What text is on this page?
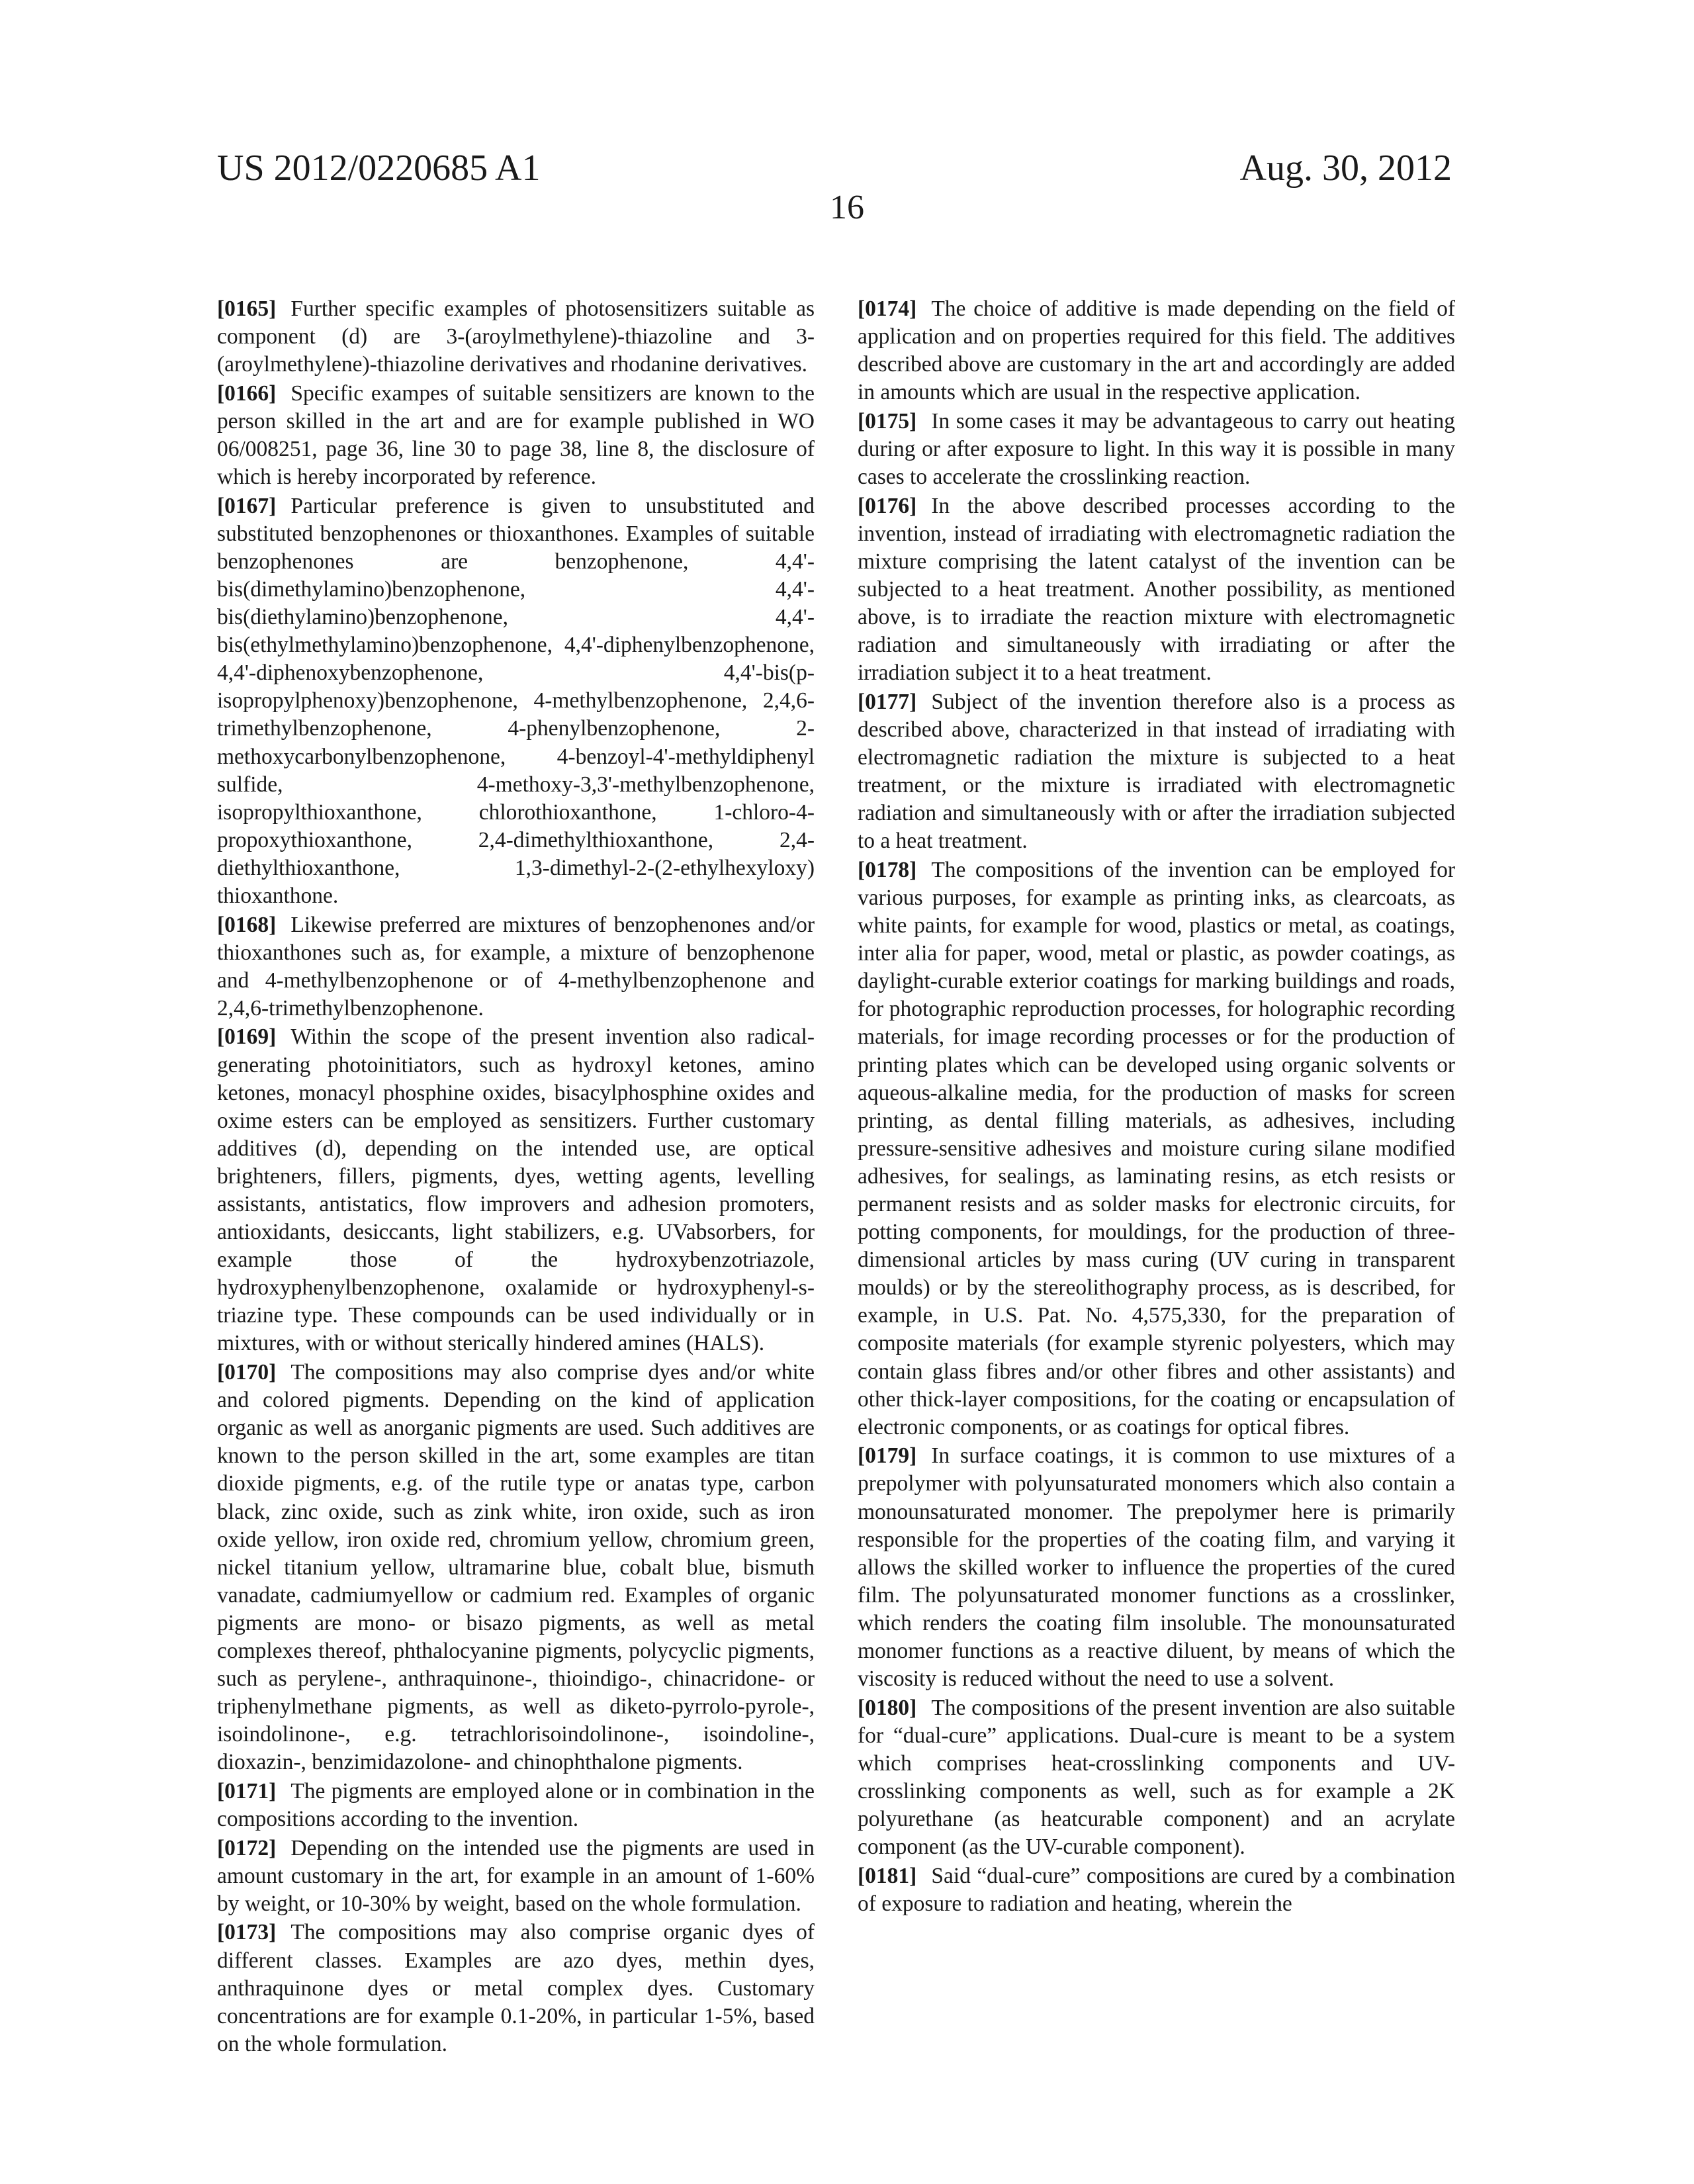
US 2012/0220685 A1	Aug. 30, 2012
16

[0165] Further specific examples of photosensitizers suitable as component (d) are 3-(aroylmethylene)-thiazoline and 3-(aroylmethylene)-thiazoline derivatives and rhodanine derivatives.

[0166] Specific exampes of suitable sensitizers are known to the person skilled in the art and are for example published in WO 06/008251, page 36, line 30 to page 38, line 8, the disclosure of which is hereby incorporated by reference.

[0167] Particular preference is given to unsubstituted and substituted benzophenones or thioxanthones. Examples of suitable benzophenones are benzophenone, 4,4'-bis(dimethylamino)benzophenone, 4,4'-bis(diethylamino)benzophenone, 4,4'-bis(ethylmethylamino)benzophenone, 4,4'-diphenylbenzophenone, 4,4'-diphenoxybenzophenone, 4,4'-bis(p-isopropylphenoxy)benzophenone, 4-methylbenzophenone, 2,4,6-trimethylbenzophenone, 4-phenylbenzophenone, 2-methoxycarbonylbenzophenone, 4-benzoyl-4'-methyldiphenyl sulfide, 4-methoxy-3,3'-methylbenzophenone, isopropylthioxanthone, chlorothioxanthone, 1-chloro-4-propoxythioxanthone, 2,4-dimethylthioxanthone, 2,4-diethylthioxanthone, 1,3-dimethyl-2-(2-ethylhexyloxy) thioxanthone.

[0168] Likewise preferred are mixtures of benzophenones and/or thioxanthones such as, for example, a mixture of benzophenone and 4-methylbenzophenone or of 4-methylbenzophenone and 2,4,6-trimethylbenzophenone.

[0169] Within the scope of the present invention also radical-generating photoinitiators, such as hydroxyl ketones, amino ketones, monacyl phosphine oxides, bisacylphosphine oxides and oxime esters can be employed as sensitizers. Further customary additives (d), depending on the intended use, are optical brighteners, fillers, pigments, dyes, wetting agents, levelling assistants, antistatics, flow improvers and adhesion promoters, antioxidants, desiccants, light stabilizers, e.g. UVabsorbers, for example those of the hydroxybenzotriazole, hydroxyphenylbenzophenone, oxalamide or hydroxyphenyl-s-triazine type. These compounds can be used individually or in mixtures, with or without sterically hindered amines (HALS).

[0170] The compositions may also comprise dyes and/or white and colored pigments. Depending on the kind of application organic as well as anorganic pigments are used. Such additives are known to the person skilled in the art, some examples are titan dioxide pigments, e.g. of the rutile type or anatas type, carbon black, zinc oxide, such as zink white, iron oxide, such as iron oxide yellow, iron oxide red, chromium yellow, chromium green, nickel titanium yellow, ultramarine blue, cobalt blue, bismuth vanadate, cadmiumyellow or cadmium red. Examples of organic pigments are mono- or bisazo pigments, as well as metal complexes thereof, phthalocyanine pigments, polycyclic pigments, such as perylene-, anthraquinone-, thioindigo-, chinacridone- or triphenylmethane pigments, as well as diketo-pyrrolo-pyrole-, isoindolinone-, e.g. tetrachlorisoindolinone-, isoindoline-, dioxazin-, benzimidazolone- and chinophthalone pigments.

[0171] The pigments are employed alone or in combination in the compositions according to the invention.

[0172] Depending on the intended use the pigments are used in amount customary in the art, for example in an amount of 1-60% by weight, or 10-30% by weight, based on the whole formulation.

[0173] The compositions may also comprise organic dyes of different classes. Examples are azo dyes, methin dyes, anthraquinone dyes or metal complex dyes. Customary concentrations are for example 0.1-20%, in particular 1-5%, based on the whole formulation.

[0174] The choice of additive is made depending on the field of application and on properties required for this field. The additives described above are customary in the art and accordingly are added in amounts which are usual in the respective application.

[0175] In some cases it may be advantageous to carry out heating during or after exposure to light. In this way it is possible in many cases to accelerate the crosslinking reaction.

[0176] In the above described processes according to the invention, instead of irradiating with electromagnetic radiation the mixture comprising the latent catalyst of the invention can be subjected to a heat treatment. Another possibility, as mentioned above, is to irradiate the reaction mixture with electromagnetic radiation and simultaneously with irradiating or after the irradiation subject it to a heat treatment.

[0177] Subject of the invention therefore also is a process as described above, characterized in that instead of irradiating with electromagnetic radiation the mixture is subjected to a heat treatment, or the mixture is irradiated with electromagnetic radiation and simultaneously with or after the irradiation subjected to a heat treatment.

[0178] The compositions of the invention can be employed for various purposes, for example as printing inks, as clearcoats, as white paints, for example for wood, plastics or metal, as coatings, inter alia for paper, wood, metal or plastic, as powder coatings, as daylight-curable exterior coatings for marking buildings and roads, for photographic reproduction processes, for holographic recording materials, for image recording processes or for the production of printing plates which can be developed using organic solvents or aqueous-alkaline media, for the production of masks for screen printing, as dental filling materials, as adhesives, including pressure-sensitive adhesives and moisture curing silane modified adhesives, for sealings, as laminating resins, as etch resists or permanent resists and as solder masks for electronic circuits, for potting components, for mouldings, for the production of three-dimensional articles by mass curing (UV curing in transparent moulds) or by the stereolithography process, as is described, for example, in U.S. Pat. No. 4,575,330, for the preparation of composite materials (for example styrenic polyesters, which may contain glass fibres and/or other fibres and other assistants) and other thick-layer compositions, for the coating or encapsulation of electronic components, or as coatings for optical fibres.

[0179] In surface coatings, it is common to use mixtures of a prepolymer with polyunsaturated monomers which also contain a monounsaturated monomer. The prepolymer here is primarily responsible for the properties of the coating film, and varying it allows the skilled worker to influence the properties of the cured film. The polyunsaturated monomer functions as a crosslinker, which renders the coating film insoluble. The monounsaturated monomer functions as a reactive diluent, by means of which the viscosity is reduced without the need to use a solvent.

[0180] The compositions of the present invention are also suitable for “dual-cure” applications. Dual-cure is meant to be a system which comprises heat-crosslinking components and UV-crosslinking components as well, such as for example a 2K polyurethane (as heatcurable component) and an acrylate component (as the UV-curable component).

[0181] Said “dual-cure” compositions are cured by a combination of exposure to radiation and heating, wherein the
